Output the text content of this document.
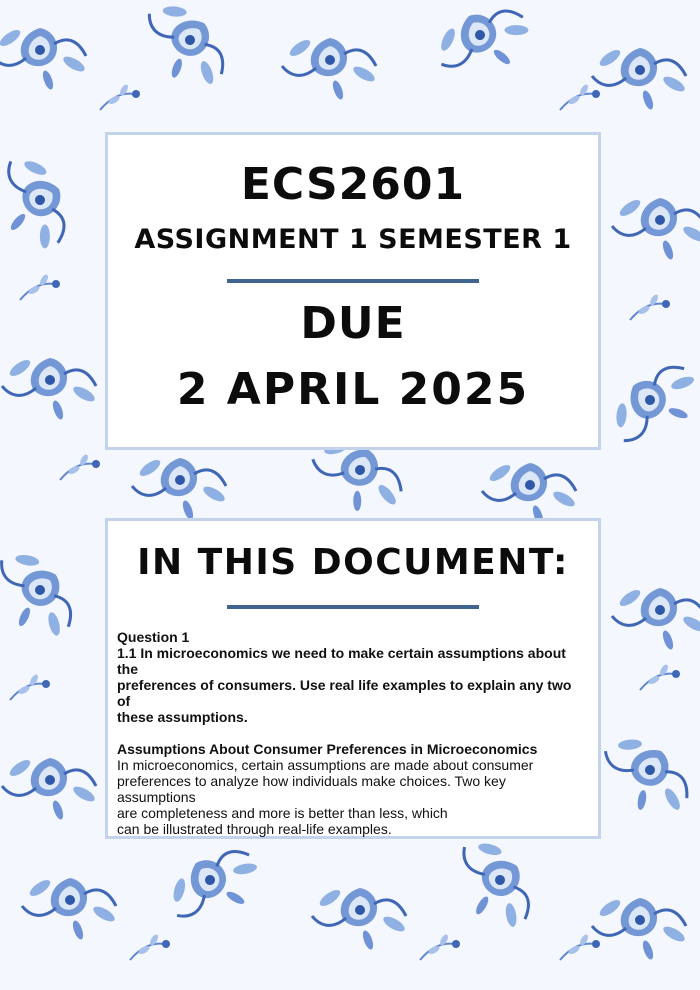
ECS2601
ASSIGNMENT 1 SEMESTER 1
DUE
2 APRIL 2025
IN THIS DOCUMENT:

Question 1

1.1 In microeconomics we need to make certain assumptions about the

preferences of consumers. Use real life examples to explain any two of

these assumptions.

Assumptions About Consumer Preferences in Microeconomics

In microeconomics, certain assumptions are made about consumer

preferences to analyze how individuals make choices. Two key assumptions

are completeness and more is better than less, which

can be illustrated through real-life examples.
